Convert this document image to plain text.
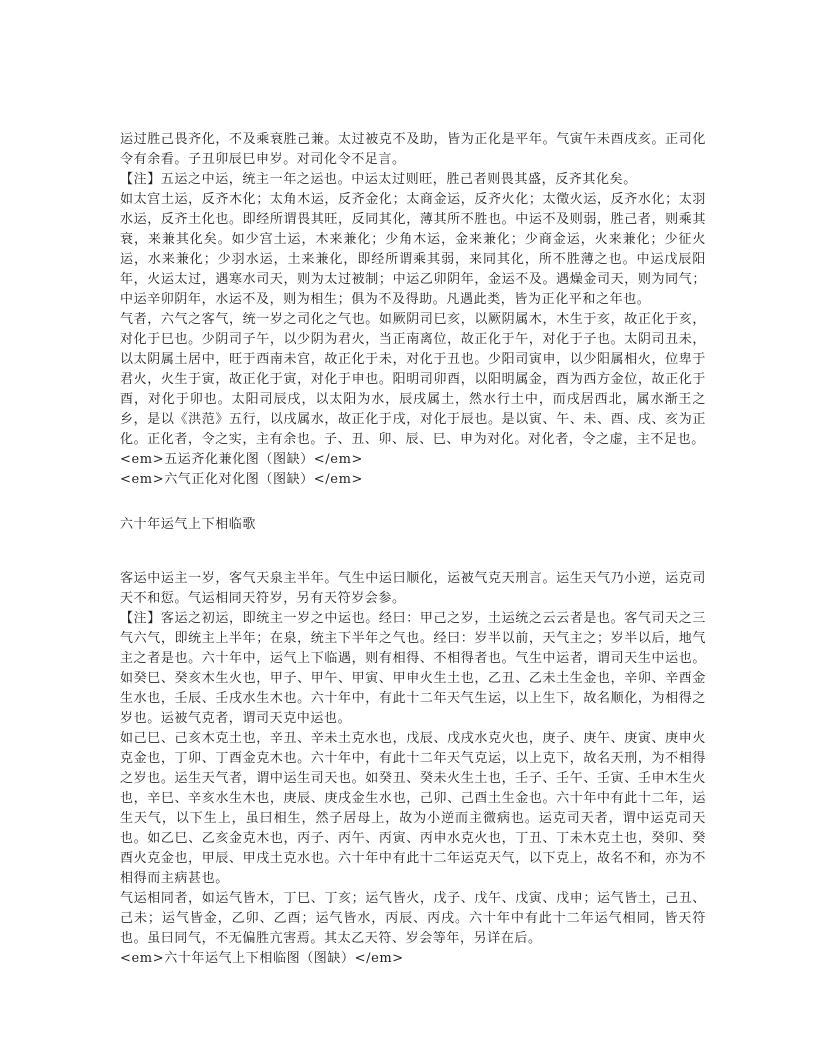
运过胜己畏齐化，不及乘衰胜己兼。太过被克不及助，皆为正化是平年。气寅午未酉戌亥。正司化令有余看。子丑卯辰巳申岁。对司化令不足言。

【注】五运之中运，统主一年之运也。中运太过则旺，胜己者则畏其盛，反齐其化矣。

如太宫土运，反齐木化；太角木运，反齐金化；太商金运，反齐火化；太徵火运，反齐水化；太羽水运，反齐土化也。即经所谓畏其旺，反同其化，薄其所不胜也。中运不及则弱，胜己者，则乘其衰，来兼其化矣。如少宫土运，木来兼化；少角木运，金来兼化；少商金运，火来兼化；少征火运，水来兼化；少羽水运，土来兼化，即经所谓乘其弱，来同其化，所不胜薄之也。中运戊辰阳年，火运太过，遇寒水司天，则为太过被制；中运乙卯阴年，金运不及。遇燥金司天，则为同气；中运辛卯阴年，水运不及，则为相生；俱为不及得助。凡遇此类，皆为正化平和之年也。

气者，六气之客气，统一岁之司化之气也。如厥阴司巳亥，以厥阴属木，木生于亥，故正化于亥，对化于巳也。少阴司子午，以少阴为君火，当正南离位，故正化于午，对化于子也。太阴司丑未，以太阴属土居中，旺于西南未宫，故正化于未，对化于丑也。少阳司寅申，以少阳属相火，位卑于君火，火生于寅，故正化于寅，对化于申也。阳明司卯酉，以阳明属金，酉为西方金位，故正化于酉，对化于卯也。太阳司辰戌，以太阳为水，辰戌属土，然水行土中，而戌居西北，属水渐王之乡，是以《洪范》五行，以戌属水，故正化于戌，对化于辰也。是以寅、午、未、酉、戌、亥为正化。正化者，令之实，主有余也。子、丑、卯、辰、巳、申为对化。对化者，令之虚，主不足也。

<em>五运齐化兼化图（图缺）</em>

<em>六气正化对化图（图缺）</em>

六十年运气上下相临歌

客运中运主一岁，客气天泉主半年。气生中运曰顺化，运被气克天刑言。运生天气乃小逆，运克司天不和愆。气运相同天符岁，另有天符岁会参。

【注】客运之初运，即统主一岁之中运也。经曰：甲己之岁，土运统之云云者是也。客气司天之三气六气，即统主上半年；在泉，统主下半年之气也。经曰：岁半以前，天气主之；岁半以后，地气主之者是也。六十年中，运气上下临遇，则有相得、不相得者也。气生中运者，谓司天生中运也。如癸巳、癸亥木生火也，甲子、甲午、甲寅、甲申火生土也，乙丑、乙未土生金也，辛卯、辛酉金生水也，壬辰、壬戌水生木也。六十年中，有此十二年天气生运，以上生下，故名顺化，为相得之岁也。运被气克者，谓司天克中运也。

如己巳、己亥木克土也，辛丑、辛未土克水也，戊辰、戊戌水克火也，庚子、庚午、庚寅、庚申火克金也，丁卯、丁酉金克木也。六十年中，有此十二年天气克运，以上克下，故名天刑，为不相得之岁也。运生天气者，谓中运生司天也。如癸丑、癸未火生土也，壬子、壬午、壬寅、壬申木生火也，辛巳、辛亥水生木也，庚辰、庚戌金生水也，己卯、己酉土生金也。六十年中有此十二年，运生天气，以下生上，虽曰相生，然子居母上，故为小逆而主微病也。运克司天者，谓中运克司天也。如乙巳、乙亥金克木也，丙子、丙午、丙寅、丙申水克火也，丁丑、丁未木克土也，癸卯、癸酉火克金也，甲辰、甲戌土克水也。六十年中有此十二年运克天气，以下克上，故名不和，亦为不相得而主病甚也。

气运相同者，如运气皆木，丁巳、丁亥；运气皆火，戊子、戊午、戊寅、戊申；运气皆土，己丑、己未；运气皆金，乙卯、乙酉；运气皆水，丙辰、丙戌。六十年中有此十二年运气相同，皆天符也。虽曰同气，不无偏胜亢害焉。其太乙天符、岁会等年，另详在后。

<em>六十年运气上下相临图（图缺）</em>
